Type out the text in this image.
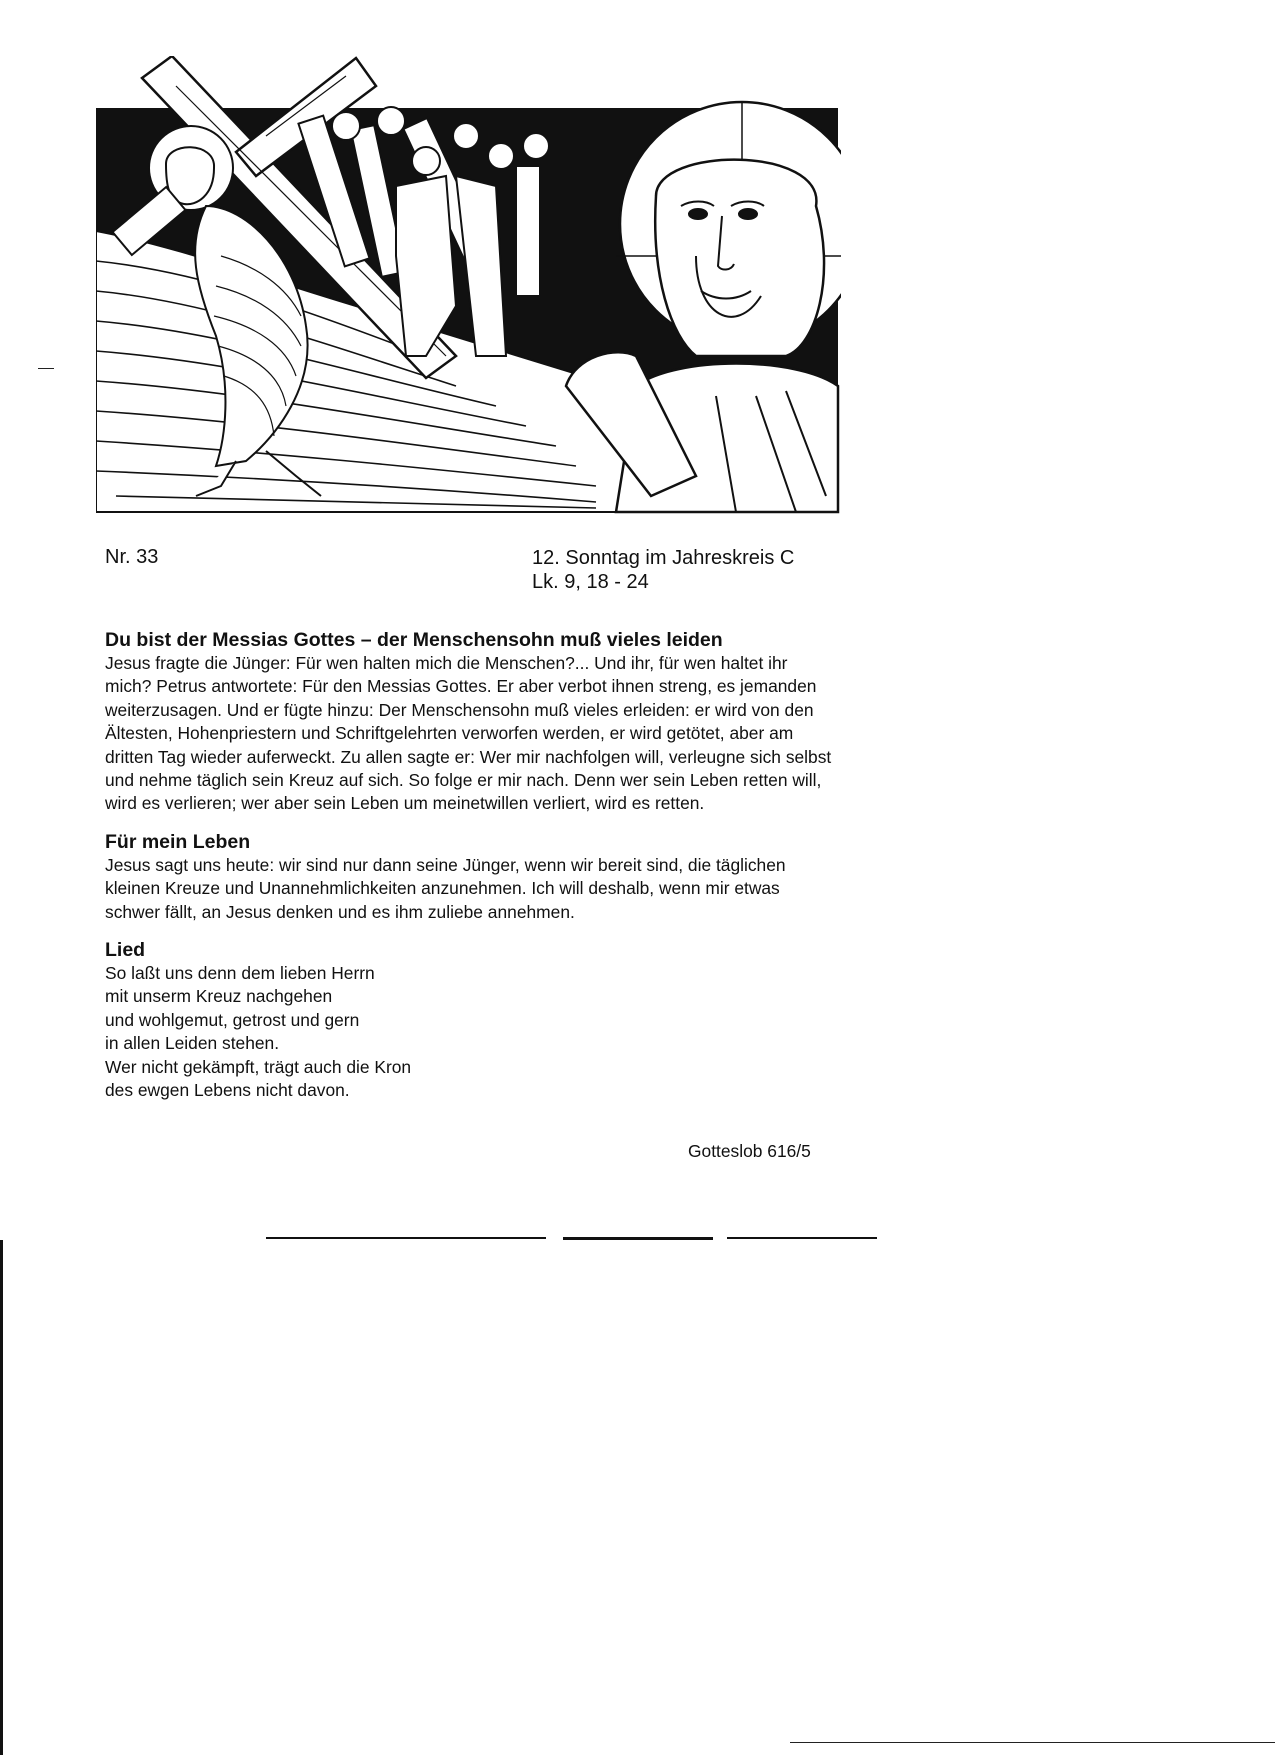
Nr. 33	12. Sonntag im Jahreskreis C
Lk. 9, 18 - 24
Du bist der Messias Gottes – der Menschensohn muß vieles leiden

Jesus fragte die Jünger: Für wen halten mich die Menschen?... Und ihr, für wen haltet ihr mich? Petrus antwortete: Für den Messias Gottes. Er aber verbot ihnen streng, es jemanden weiterzusagen. Und er fügte hinzu: Der Menschensohn muß vieles erleiden: er wird von den Ältesten, Hohenpriestern und Schriftgelehrten verworfen werden, er wird getötet, aber am dritten Tag wieder auferweckt. Zu allen sagte er: Wer mir nachfolgen will, verleugne sich selbst und nehme täglich sein Kreuz auf sich. So folge er mir nach. Denn wer sein Leben retten will, wird es verlieren; wer aber sein Leben um meinetwillen verliert, wird es retten.

Für mein Leben

Jesus sagt uns heute: wir sind nur dann seine Jünger, wenn wir bereit sind, die täglichen kleinen Kreuze und Unannehmlichkeiten anzunehmen. Ich will deshalb, wenn mir etwas schwer fällt, an Jesus denken und es ihm zuliebe annehmen.

Lied
So laßt uns denn dem lieben Herrn
mit unserm Kreuz nachgehen
und wohlgemut, getrost und gern
in allen Leiden stehen.
Wer nicht gekämpft, trägt auch die Kron
des ewgen Lebens nicht davon.
Gotteslob 616/5
